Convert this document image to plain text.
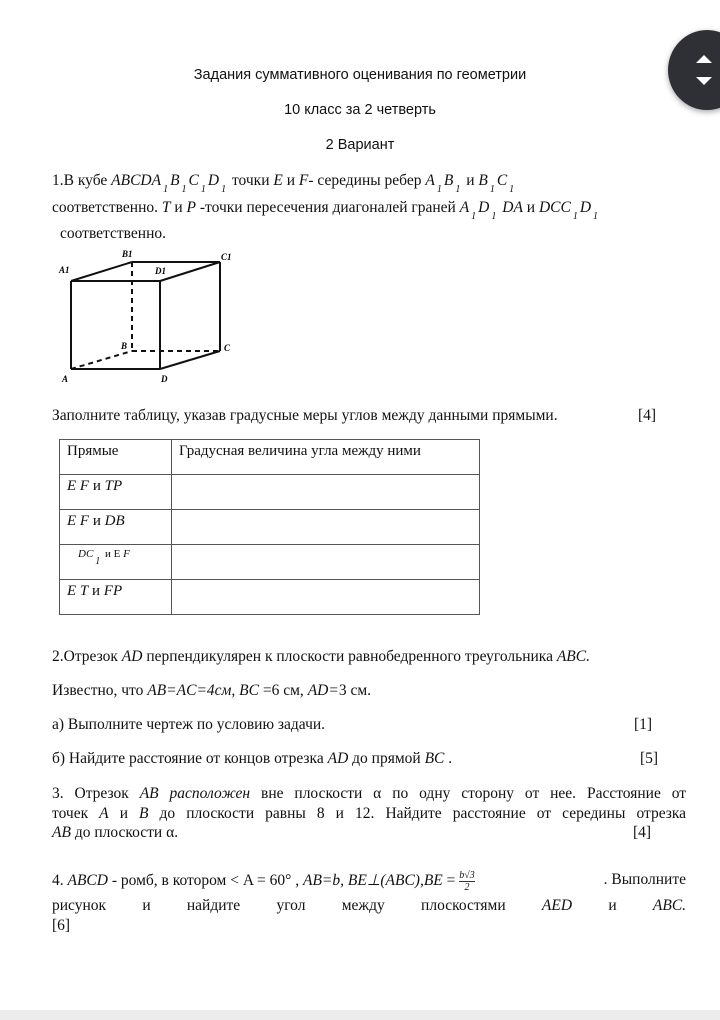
Задания суммативного оценивания по геометрии
10 класс за 2 четверть
2 Вариант
1.В кубе $ABCDA_1B_1C_1D_1$ точки E и F- середины ребер $A_1B_1$ и $B_1C_1$
соответственно. T и P -точки пересечения диагоналей граней $A_1D_1$ DA и $DCC_1D_1$
соответственно.
B1	C1
A1	D1
B	C
A	D
Заполните таблицу, указав градусные меры углов между данными прямыми.	[4]
Прямые	Градусная величина угла между ними
E F и TP	
E F и DB	
DC1 и Е F	
E T и FP	
2.Отрезок AD перпендикулярен к плоскости равнобедренного треугольника ABC.
Известно, что AB=AC=4см, BC =6 см, AD=3 см.
а) Выполните чертеж по условию задачи.	[1]
б) Найдите расстояние от концов отрезка AD до прямой BC .	[5]
3. Отрезок AB расположен вне плоскости α по одну сторону от нее. Расстояние от
точек A и B до плоскости равны 8 и 12. Найдите расстояние от середины отрезка
AB до плоскости α.	[4]
4. ABCD - ромб, в котором < A = 60° , AB=b, BE⊥(ABC),BE = $\frac{b√3}{2}$	. Выполните
рисунок и найдите угол между плоскостями AED и ABC.
[6]
